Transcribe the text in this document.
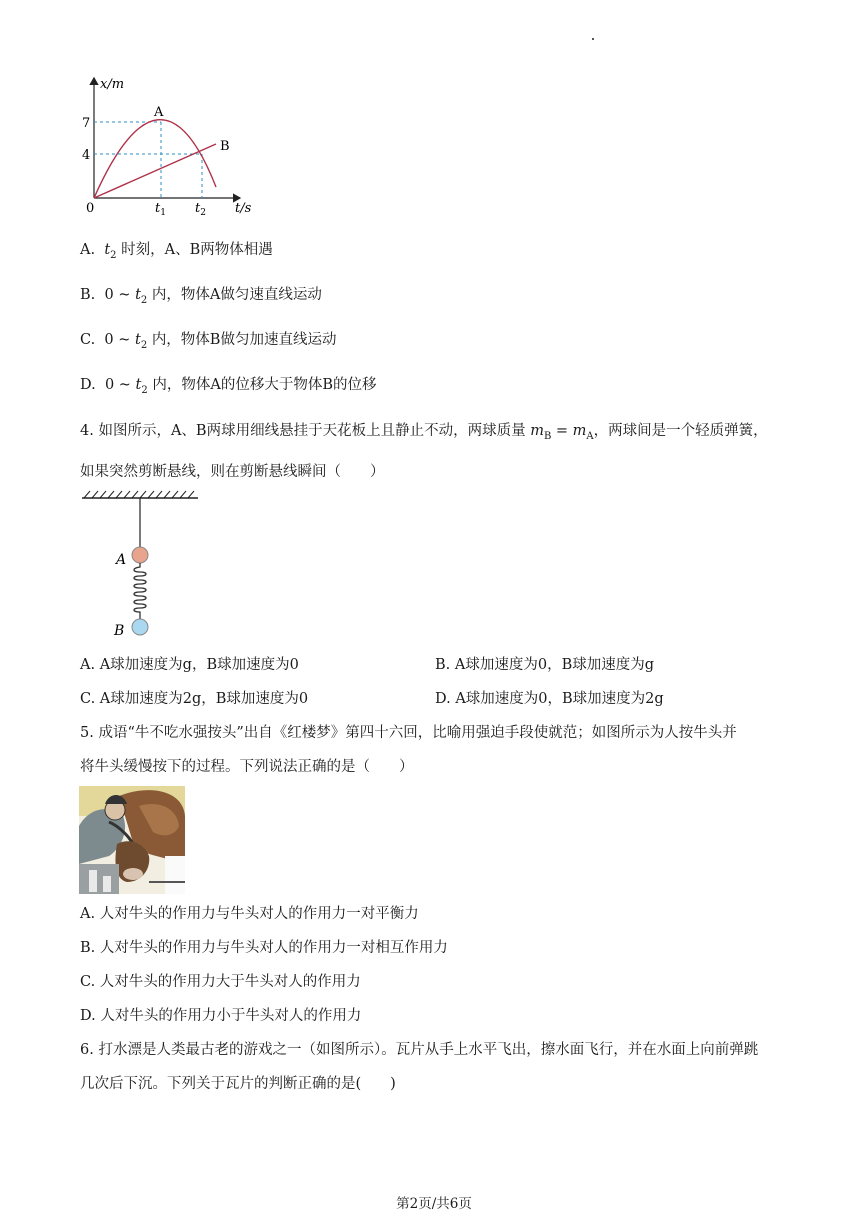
x/m
t/s
0
7
4
$t_1$ $t_2$
A
B
A. $t_2$ 时刻，A、B两物体相遇
B. 0 ~ $t_2$ 内，物体A做匀速直线运动
C. 0 ~ $t_2$ 内，物体B做匀加速直线运动
D. 0 ~ $t_2$ 内，物体A的位移大于物体B的位移
4. 如图所示，A、B两球用细线悬挂于天花板上且静止不动，两球质量 $m_B = m_A$，两球间是一个轻质弹簧，
如果突然剪断悬线，则在剪断悬线瞬间（　　）
A
B
A. A球加速度为g，B球加速度为0	B. A球加速度为0，B球加速度为g
C. A球加速度为2g，B球加速度为0	D. A球加速度为0，B球加速度为2g
5. 成语“牛不吃水强按头”出自《红楼梦》第四十六回，比喻用强迫手段使就范；如图所示为人按牛头并
将牛头缓慢按下的过程。下列说法正确的是（　　）
A. 人对牛头的作用力与牛头对人的作用力一对平衡力
B. 人对牛头的作用力与牛头对人的作用力一对相互作用力
C. 人对牛头的作用力大于牛头对人的作用力
D. 人对牛头的作用力小于牛头对人的作用力
6. 打水漂是人类最古老的游戏之一（如图所示）。瓦片从手上水平飞出，擦水面飞行，并在水面上向前弹跳
几次后下沉。下列关于瓦片的判断正确的是(　　)
第2页/共6页
